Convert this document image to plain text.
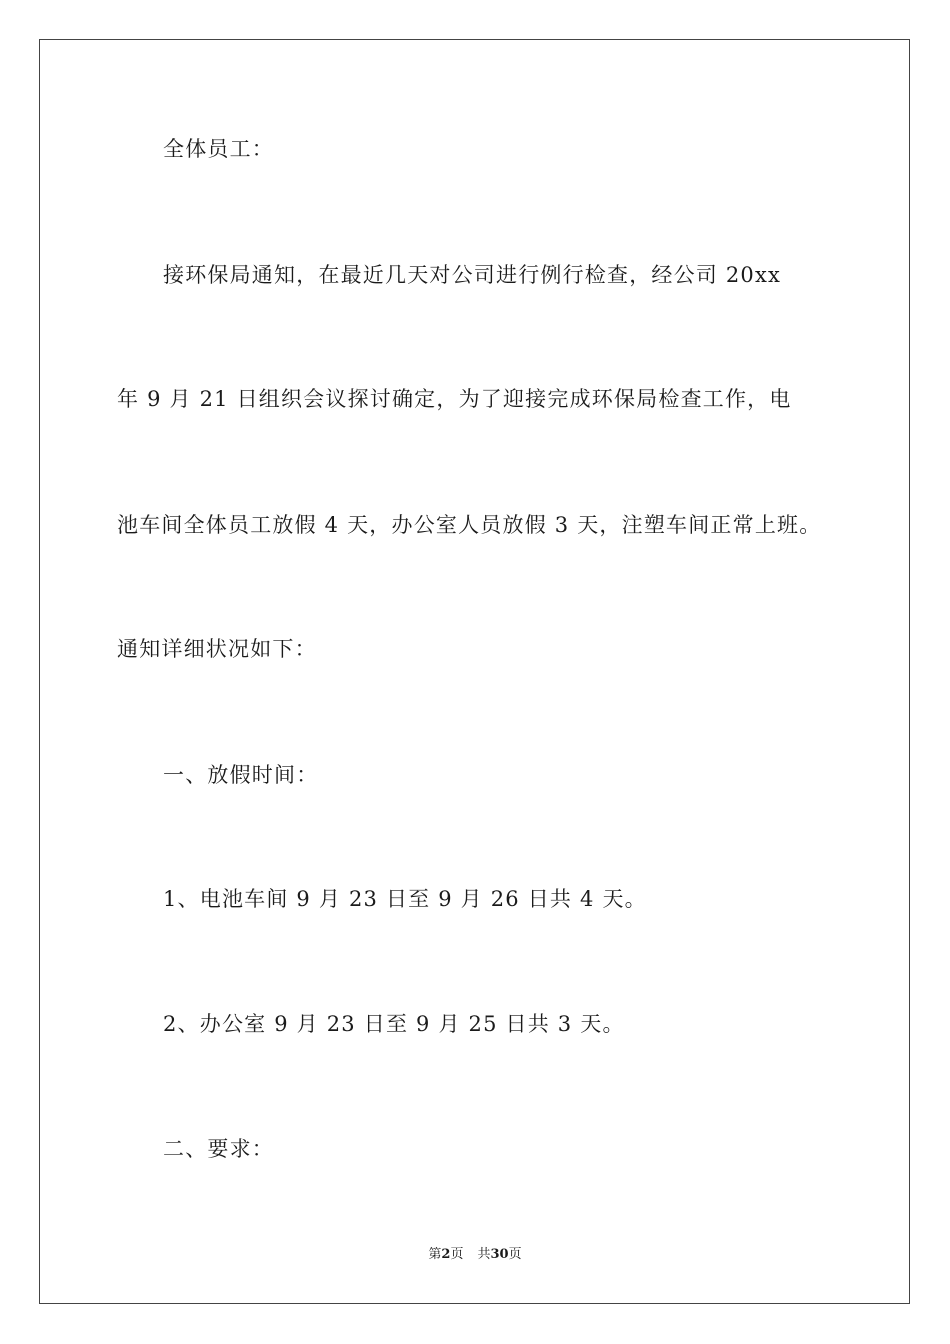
全体员工：
接环保局通知，在最近几天对公司进行例行检查，经公司 20xx
年 9 月 21 日组织会议探讨确定，为了迎接完成环保局检查工作，电
池车间全体员工放假 4 天，办公室人员放假 3 天，注塑车间正常上班。
通知详细状况如下：
一、放假时间：
1、电池车间 9 月 23 日至 9 月 26 日共 4 天。
2、办公室 9 月 23 日至 9 月 25 日共 3 天。
二、要求：
第2页 共30页
